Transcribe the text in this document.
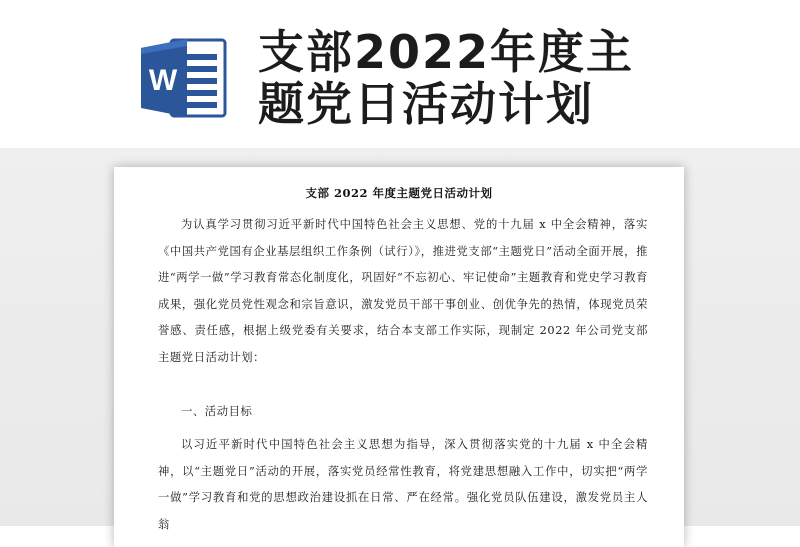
W
支部2022年度主
题党日活动计划
支部 2022 年度主题党日活动计划

为认真学习贯彻习近平新时代中国特色社会主义思想、党的十九届 x 中全会精神，落实《中国共产党国有企业基层组织工作条例（试行）》，推进党支部“主题党日”活动全面开展，推进“两学一做”学习教育常态化制度化，巩固好“不忘初心、牢记使命”主题教育和党史学习教育成果，强化党员党性观念和宗旨意识，激发党员干部干事创业、创优争先的热情，体现党员荣誉感、责任感，根据上级党委有关要求，结合本支部工作实际，现制定 2022 年公司党支部主题党日活动计划：

一、活动目标

以习近平新时代中国特色社会主义思想为指导，深入贯彻落实党的十九届 x 中全会精神，以“主题党日”活动的开展，落实党员经常性教育，将党建思想融入工作中，切实把“两学一做”学习教育和党的思想政治建设抓在日常、严在经常。强化党员队伍建设，激发党员主人翁
